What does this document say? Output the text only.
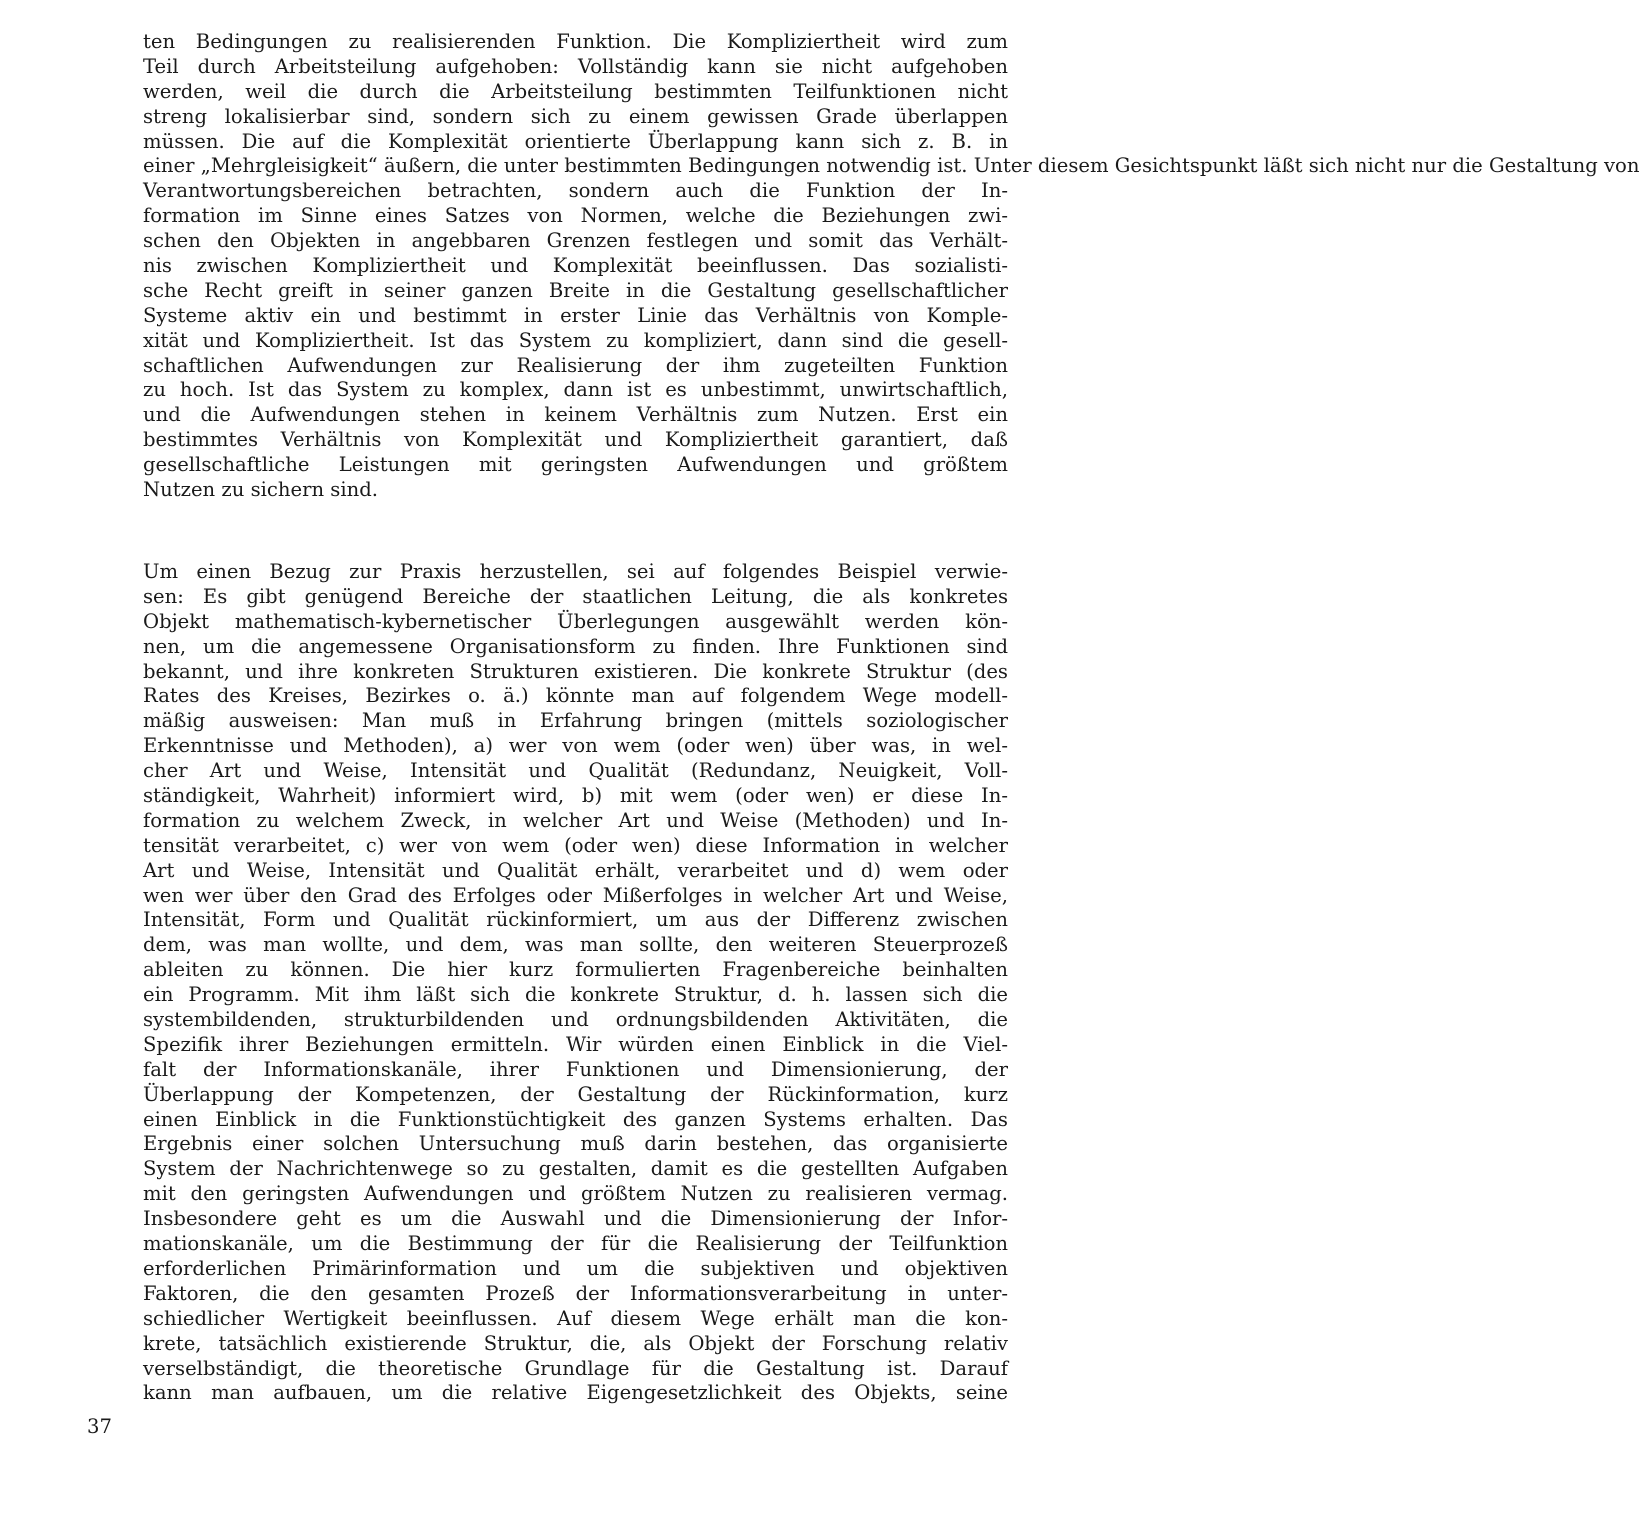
ten Bedingungen zu realisierenden Funktion. Die Kompliziertheit wird zum
Teil durch Arbeitsteilung aufgehoben: Vollständig kann sie nicht aufgehoben
werden, weil die durch die Arbeitsteilung bestimmten Teilfunktionen nicht
streng lokalisierbar sind, sondern sich zu einem gewissen Grade überlappen
müssen. Die auf die Komplexität orientierte Überlappung kann sich z. B. in
einer „Mehrgleisigkeit“ äußern, die unter bestimmten Bedingungen notwendig ist. Unter diesem Gesichtspunkt läßt sich nicht nur die Gestaltung von
Verantwortungsbereichen betrachten, sondern auch die Funktion der In-
formation im Sinne eines Satzes von Normen, welche die Beziehungen zwi-
schen den Objekten in angebbaren Grenzen festlegen und somit das Verhält-
nis zwischen Kompliziertheit und Komplexität beeinflussen. Das sozialisti-
sche Recht greift in seiner ganzen Breite in die Gestaltung gesellschaftlicher
Systeme aktiv ein und bestimmt in erster Linie das Verhältnis von Komple-
xität und Kompliziertheit. Ist das System zu kompliziert, dann sind die gesell-
schaftlichen Aufwendungen zur Realisierung der ihm zugeteilten Funktion
zu hoch. Ist das System zu komplex, dann ist es unbestimmt, unwirtschaftlich,
und die Aufwendungen stehen in keinem Verhältnis zum Nutzen. Erst ein
bestimmtes Verhältnis von Komplexität und Kompliziertheit garantiert, daß
gesellschaftliche Leistungen mit geringsten Aufwendungen und größtem
Nutzen zu sichern sind.
Um einen Bezug zur Praxis herzustellen, sei auf folgendes Beispiel verwie-
sen: Es gibt genügend Bereiche der staatlichen Leitung, die als konkretes
Objekt mathematisch-kybernetischer Überlegungen ausgewählt werden kön-
nen, um die angemessene Organisationsform zu finden. Ihre Funktionen sind
bekannt, und ihre konkreten Strukturen existieren. Die konkrete Struktur (des
Rates des Kreises, Bezirkes o. ä.) könnte man auf folgendem Wege modell-
mäßig ausweisen: Man muß in Erfahrung bringen (mittels soziologischer
Erkenntnisse und Methoden), a) wer von wem (oder wen) über was, in wel-
cher Art und Weise, Intensität und Qualität (Redundanz, Neuigkeit, Voll-
ständigkeit, Wahrheit) informiert wird, b) mit wem (oder wen) er diese In-
formation zu welchem Zweck, in welcher Art und Weise (Methoden) und In-
tensität verarbeitet, c) wer von wem (oder wen) diese Information in welcher
Art und Weise, Intensität und Qualität erhält, verarbeitet und d) wem oder
wen wer über den Grad des Erfolges oder Mißerfolges in welcher Art und Weise,
Intensität, Form und Qualität rückinformiert, um aus der Differenz zwischen
dem, was man wollte, und dem, was man sollte, den weiteren Steuerprozeß
ableiten zu können. Die hier kurz formulierten Fragenbereiche beinhalten
ein Programm. Mit ihm läßt sich die konkrete Struktur, d. h. lassen sich die
systembildenden, strukturbildenden und ordnungsbildenden Aktivitäten, die
Spezifik ihrer Beziehungen ermitteln. Wir würden einen Einblick in die Viel-
falt der Informationskanäle, ihrer Funktionen und Dimensionierung, der
Überlappung der Kompetenzen, der Gestaltung der Rückinformation, kurz
einen Einblick in die Funktionstüchtigkeit des ganzen Systems erhalten. Das
Ergebnis einer solchen Untersuchung muß darin bestehen, das organisierte
System der Nachrichtenwege so zu gestalten, damit es die gestellten Aufgaben
mit den geringsten Aufwendungen und größtem Nutzen zu realisieren vermag.
Insbesondere geht es um die Auswahl und die Dimensionierung der Infor-
mationskanäle, um die Bestimmung der für die Realisierung der Teilfunktion
erforderlichen Primärinformation und um die subjektiven und objektiven
Faktoren, die den gesamten Prozeß der Informationsverarbeitung in unter-
schiedlicher Wertigkeit beeinflussen. Auf diesem Wege erhält man die kon-
krete, tatsächlich existierende Struktur, die, als Objekt der Forschung relativ
verselbständigt, die theoretische Grundlage für die Gestaltung ist. Darauf
kann man aufbauen, um die relative Eigengesetzlichkeit des Objekts, seine
37
